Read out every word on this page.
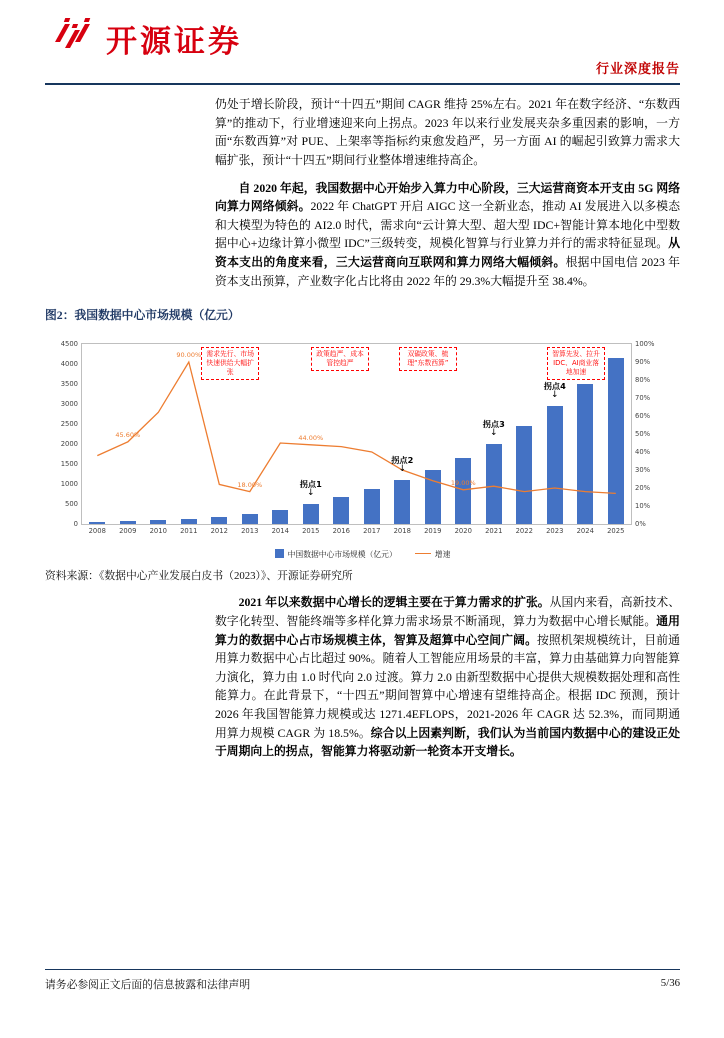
开源证券
行业深度报告

仍处于增长阶段，预计“十四五”期间 CAGR 维持 25%左右。2021 年在数字经济、“东数西算”的推动下，行业增速迎来向上拐点。2023 年以来行业发展夹杂多重因素的影响，一方面“东数西算”对 PUE、上架率等指标约束愈发趋严，另一方面 AI 的崛起引致算力需求大幅扩张，预计“十四五”期间行业整体增速维持高企。

自 2020 年起，我国数据中心开始步入算力中心阶段，三大运营商资本开支由 5G 网络向算力网络倾斜。2022 年 ChatGPT 开启 AIGC 这一全新业态，推动 AI 发展进入以多模态和大模型为特色的 AI2.0 时代，需求向“云计算大型、超大型 IDC+智能计算本地化中型数据中心+边缘计算小微型 IDC”三级转变，规模化智算与行业算力并行的需求特征显现。从资本支出的角度来看，三大运营商向互联网和算力网络大幅倾斜。根据中国电信 2023 年资本支出预算，产业数字化占比将由 2022 年的 29.3%大幅提升至 38.4%。

图2：我国数据中心市场规模（亿元）
2008 2009 2010 2011 2012 2013 2014 2015 2016 2017 2018 2019 2020 2021 2022 2023 2024 2025
0
500
1000
1500
2000
2500
3000
3500
4000
4500
0%
10%
20%
30%
40%
50%
60%
70%
80%
90%
100%
45.60%
90.00%
18.00%
44.00%
19.00%
需求先行、市场快速供给大幅扩张
政策趋严、成本管控趋严
双碳政策、梳理“东数西算”
智算先发、拉升IDC、AI商业落地加速
拐点1
↓
拐点2
↓
拐点3
↓
拐点4
↓
中国数据中心市场规模（亿元）	增速
资料来源：《数据中心产业发展白皮书（2023）》、开源证券研究所

2021 年以来数据中心增长的逻辑主要在于算力需求的扩张。从国内来看，高新技术、数字化转型、智能终端等多样化算力需求场景不断涌现，算力为数据中心增长赋能。通用算力的数据中心占市场规模主体，智算及超算中心空间广阔。按照机架规模统计，目前通用算力数据中心占比超过 90%。随着人工智能应用场景的丰富，算力由基础算力向智能算力演化，算力由 1.0 时代向 2.0 过渡。算力 2.0 由新型数据中心提供大规模数据处理和高性能算力。在此背景下，“十四五”期间智算中心增速有望维持高企。根据 IDC 预测，预计 2026 年我国智能算力规模或达 1271.4EFLOPS，2021-2026 年 CAGR 达 52.3%，而同期通用算力规模 CAGR 为 18.5%。综合以上因素判断，我们认为当前国内数据中心的建设正处于周期向上的拐点，智能算力将驱动新一轮资本开支增长。

请务必参阅正文后面的信息披露和法律声明	5/36
